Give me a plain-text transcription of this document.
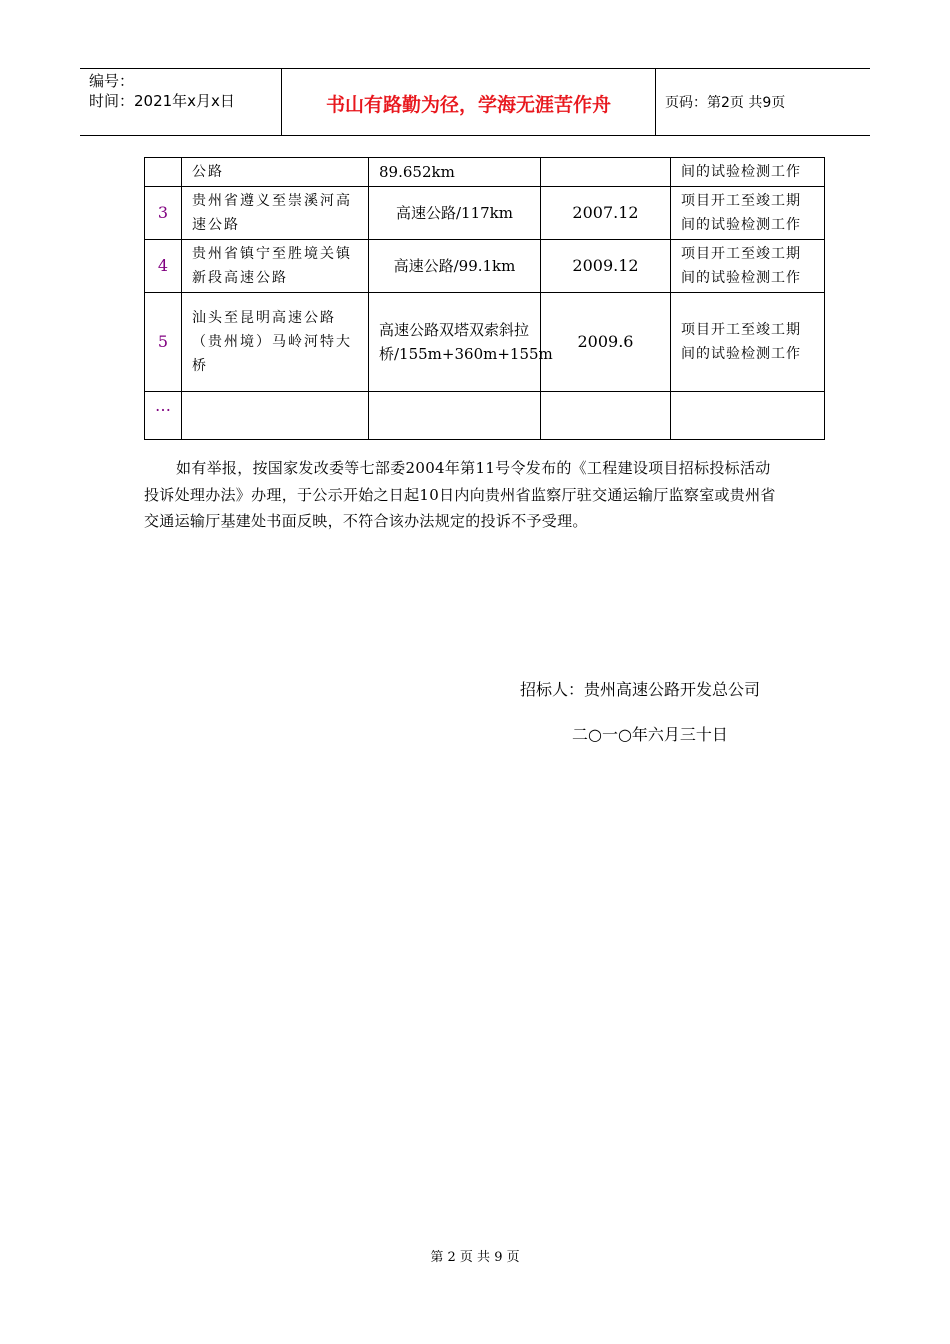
编号：
时间：2021年x月x日	书山有路勤为径，学海无涯苦作舟	页码：第2页 共9页
	公路	89.652km		间的试验检测工作
3	贵州省遵义至崇溪河高速公路	高速公路/117km	2007.12	项目开工至竣工期间的试验检测工作
4	贵州省镇宁至胜境关镇新段高速公路	高速公路/99.1km	2009.12	项目开工至竣工期间的试验检测工作
5	汕头至昆明高速公路（贵州境）马岭河特大桥	高速公路双塔双索斜拉桥/155m+360m+155m	2009.6	项目开工至竣工期间的试验检测工作
…				
如有举报，按国家发改委等七部委2004年第11号令发布的《工程建设项目招标投标活动投诉处理办法》办理，于公示开始之日起10日内向贵州省监察厅驻交通运输厅监察室或贵州省交通运输厅基建处书面反映，不符合该办法规定的投诉不予受理。
招标人：贵州高速公路开发总公司
二○一○年六月三十日
第 2 页 共 9 页
